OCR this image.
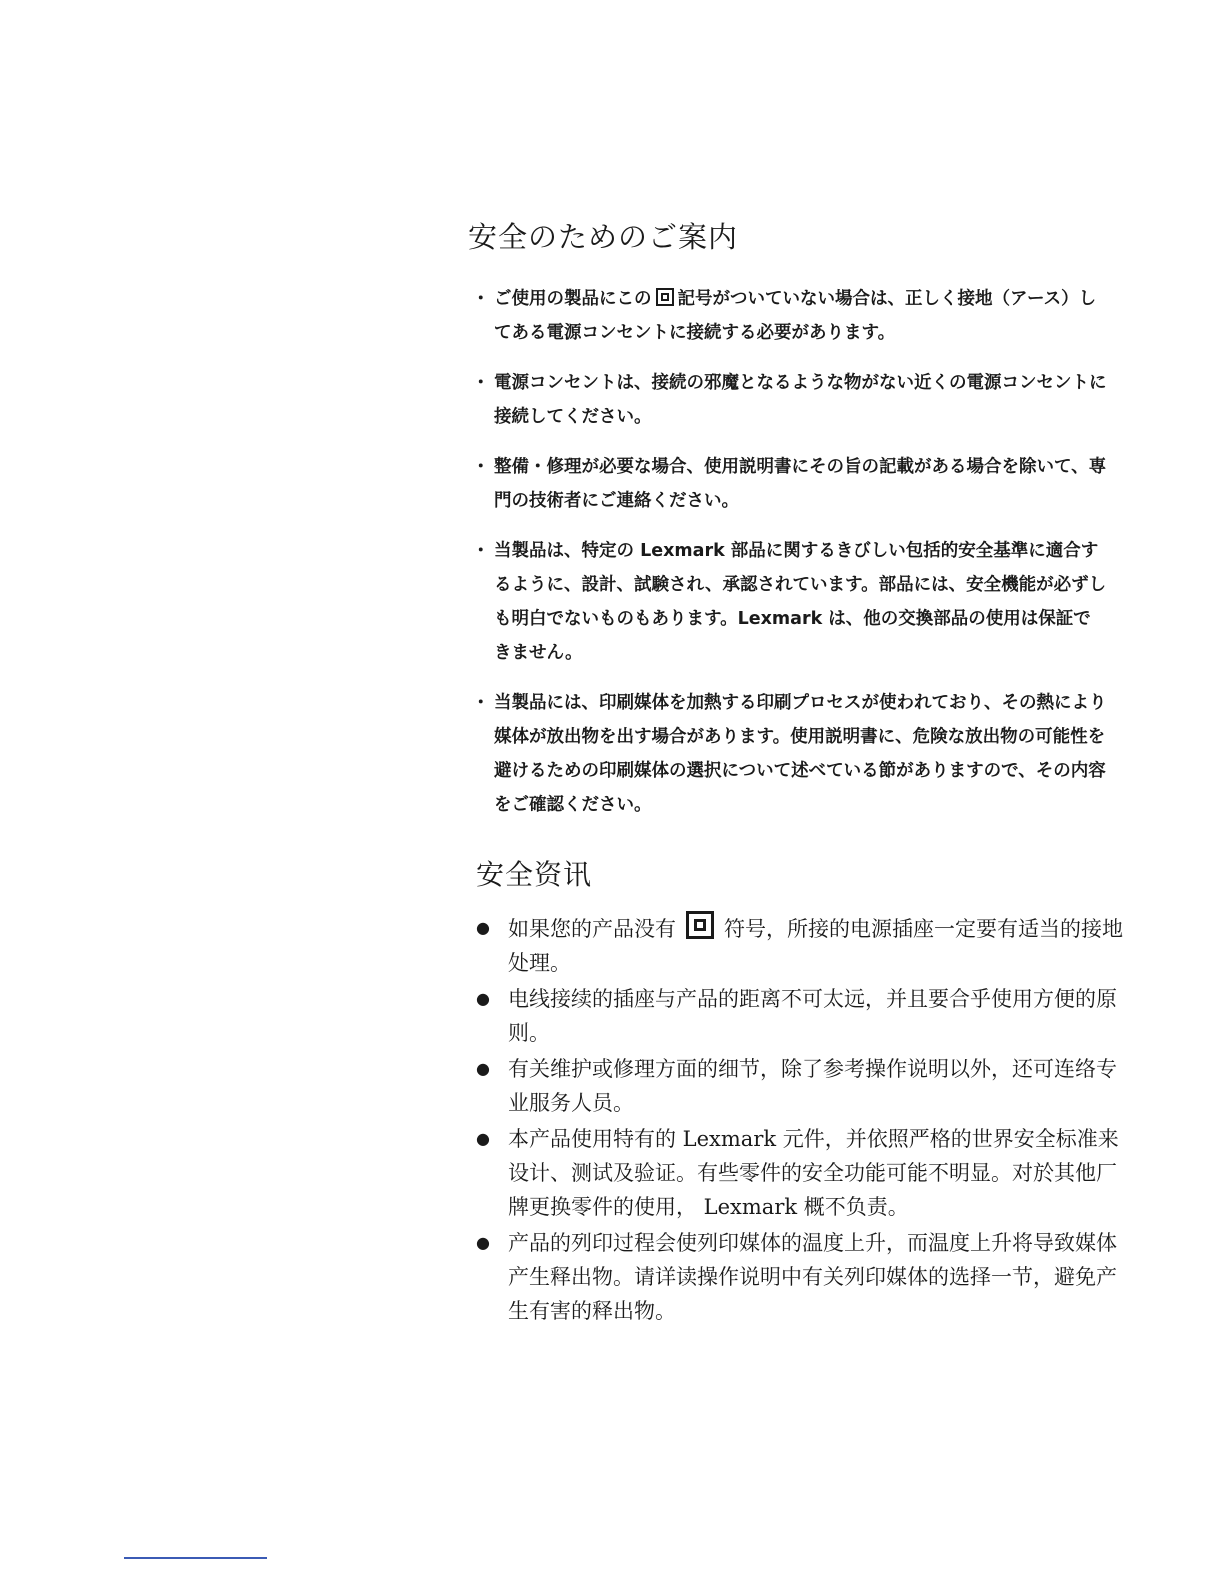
安全のためのご案内
・ ご使用の製品にこの 記号がついていない場合は、正しく接地（アース）してある電源コンセントに接続する必要があります。
・ 電源コンセントは、接続の邪魔となるような物がない近くの電源コンセントに接続してください。
・ 整備・修理が必要な場合、使用説明書にその旨の記載がある場合を除いて、専門の技術者にご連絡ください。
・ 当製品は、特定の Lexmark 部品に関するきびしい包括的安全基準に適合するように、設計、試験され、承認されています。部品には、安全機能が必ずしも明白でないものもあります。Lexmark は、他の交換部品の使用は保証できません。
・ 当製品には、印刷媒体を加熱する印刷プロセスが使われており、その熱により媒体が放出物を出す場合があります。使用説明書に、危険な放出物の可能性を避けるための印刷媒体の選択について述べている節がありますので、その内容をご確認ください。
安全资讯
● 如果您的产品没有 符号，所接的电源插座一定要有适当的接地处理。
● 电线接续的插座与产品的距离不可太远，并且要合乎使用方便的原则。
● 有关维护或修理方面的细节，除了参考操作说明以外，还可连络专业服务人员。
● 本产品使用特有的 Lexmark 元件，并依照严格的世界安全标准来设计、测试及验证。有些零件的安全功能可能不明显。对於其他厂牌更换零件的使用， Lexmark 概不负责。
● 产品的列印过程会使列印媒体的温度上升，而温度上升将导致媒体产生释出物。请详读操作说明中有关列印媒体的选择一节，避免产生有害的释出物。
